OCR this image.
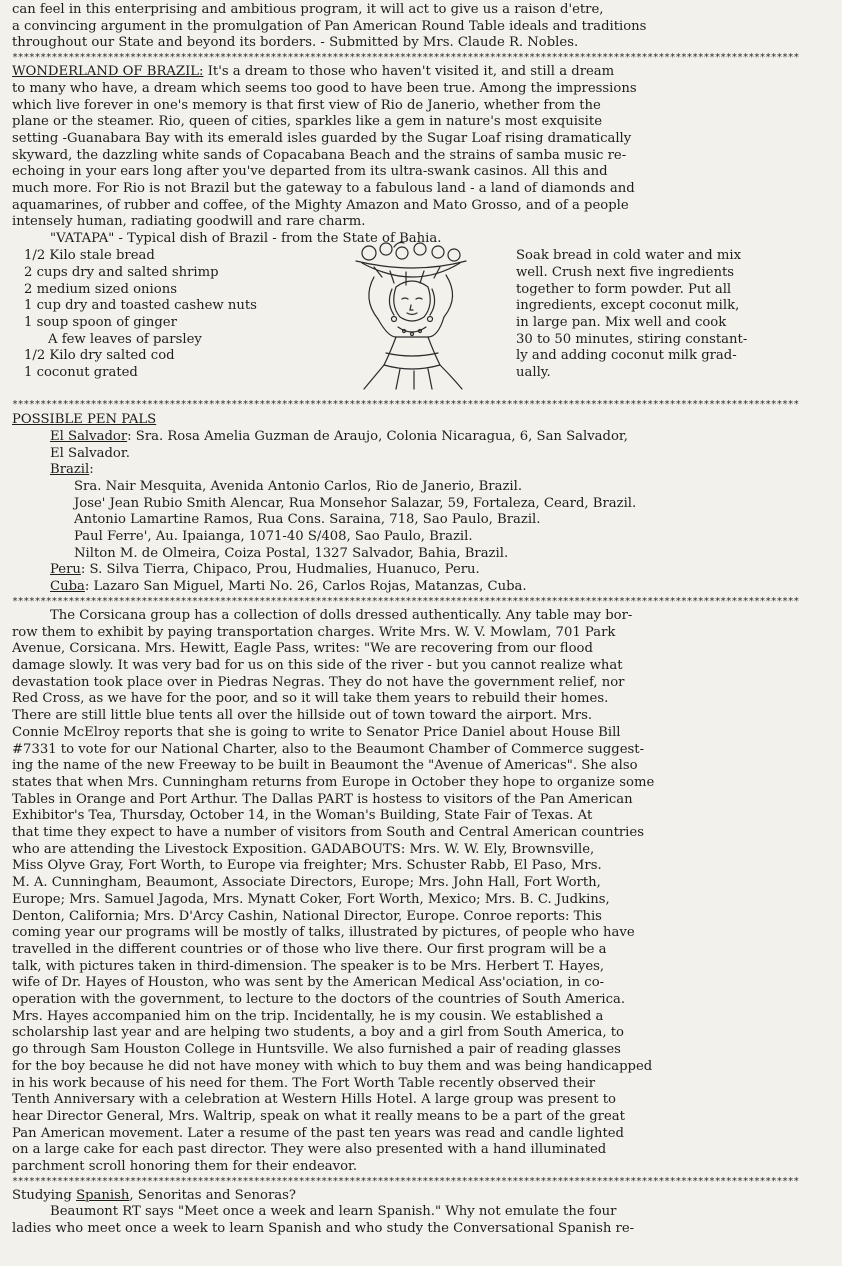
can feel in this enterprising and ambitious program, it will act to give us a raison d'etre,
a convincing argument in the promulgation of Pan American Round Table ideals and traditions
throughout our State and beyond its borders. - Submitted by Mrs. Claude R. Nobles.
********************************************************************************************************************************************
WONDERLAND OF BRAZIL: It's a dream to those who haven't visited it, and still a dream
to many who have, a dream which seems too good to have been true. Among the impressions
which live forever in one's memory is that first view of Rio de Janerio, whether from the
plane or the steamer. Rio, queen of cities, sparkles like a gem in nature's most exquisite
setting -Guanabara Bay with its emerald isles guarded by the Sugar Loaf rising dramatically
skyward, the dazzling white sands of Copacabana Beach and the strains of samba music re-
echoing in your ears long after you've departed from its ultra-swank casinos. All this and
much more. For Rio is not Brazil but the gateway to a fabulous land - a land of diamonds and
aquamarines, of rubber and coffee, of the Mighty Amazon and Mato Grosso, and of a people
intensely human, radiating goodwill and rare charm.
"VATAPA" - Typical dish of Brazil - from the State of Bahia.
1/2 Kilo stale bread
2 cups dry and salted shrimp
2 medium sized onions
1 cup dry and toasted cashew nuts
1 soup spoon of ginger
A few leaves of parsley
1/2 Kilo dry salted cod
1 coconut grated
Soak bread in cold water and mix
well. Crush next five ingredients
together to form powder. Put all
ingredients, except coconut milk,
in large pan. Mix well and cook
30 to 50 minutes, stiring constant-
ly and adding coconut milk grad-
ually.
********************************************************************************************************************************************
POSSIBLE PEN PALS
El Salvador: Sra. Rosa Amelia Guzman de Araujo, Colonia Nicaragua, 6, San Salvador,
El Salvador.
Brazil:
Sra. Nair Mesquita, Avenida Antonio Carlos, Rio de Janerio, Brazil.
Jose' Jean Rubio Smith Alencar, Rua Monsehor Salazar, 59, Fortaleza, Ceard, Brazil.
Antonio Lamartine Ramos, Rua Cons. Saraina, 718, Sao Paulo, Brazil.
Paul Ferre', Au. Ipaianga, 1071-40 S/408, Sao Paulo, Brazil.
Nilton M. de Olmeira, Coiza Postal, 1327 Salvador, Bahia, Brazil.
Peru: S. Silva Tierra, Chipaco, Prou, Hudmalies, Huanuco, Peru.
Cuba: Lazaro San Miguel, Marti No. 26, Carlos Rojas, Matanzas, Cuba.
********************************************************************************************************************************************
The Corsicana group has a collection of dolls dressed authentically. Any table may bor-
row them to exhibit by paying transportation charges. Write Mrs. W. V. Mowlam, 701 Park
Avenue, Corsicana. Mrs. Hewitt, Eagle Pass, writes: "We are recovering from our flood
damage slowly. It was very bad for us on this side of the river - but you cannot realize what
devastation took place over in Piedras Negras. They do not have the government relief, nor
Red Cross, as we have for the poor, and so it will take them years to rebuild their homes.
There are still little blue tents all over the hillside out of town toward the airport. Mrs.
Connie McElroy reports that she is going to write to Senator Price Daniel about House Bill
#7331 to vote for our National Charter, also to the Beaumont Chamber of Commerce suggest-
ing the name of the new Freeway to be built in Beaumont the "Avenue of Americas". She also
states that when Mrs. Cunningham returns from Europe in October they hope to organize some
Tables in Orange and Port Arthur. The Dallas PART is hostess to visitors of the Pan American
Exhibitor's Tea, Thursday, October 14, in the Woman's Building, State Fair of Texas. At
that time they expect to have a number of visitors from South and Central American countries
who are attending the Livestock Exposition. GADABOUTS: Mrs. W. W. Ely, Brownsville,
Miss Olyve Gray, Fort Worth, to Europe via freighter; Mrs. Schuster Rabb, El Paso, Mrs.
M. A. Cunningham, Beaumont, Associate Directors, Europe; Mrs. John Hall, Fort Worth,
Europe; Mrs. Samuel Jagoda, Mrs. Mynatt Coker, Fort Worth, Mexico; Mrs. B. C. Judkins,
Denton, California; Mrs. D'Arcy Cashin, National Director, Europe. Conroe reports: This
coming year our programs will be mostly of talks, illustrated by pictures, of people who have
travelled in the different countries or of those who live there. Our first program will be a
talk, with pictures taken in third-dimension. The speaker is to be Mrs. Herbert T. Hayes,
wife of Dr. Hayes of Houston, who was sent by the American Medical Ass'ociation, in co-
operation with the government, to lecture to the doctors of the countries of South America.
Mrs. Hayes accompanied him on the trip. Incidentally, he is my cousin. We established a
scholarship last year and are helping two students, a boy and a girl from South America, to
go through Sam Houston College in Huntsville. We also furnished a pair of reading glasses
for the boy because he did not have money with which to buy them and was being handicapped
in his work because of his need for them. The Fort Worth Table recently observed their
Tenth Anniversary with a celebration at Western Hills Hotel. A large group was present to
hear Director General, Mrs. Waltrip, speak on what it really means to be a part of the great
Pan American movement. Later a resume of the past ten years was read and candle lighted
on a large cake for each past director. They were also presented with a hand illuminated
parchment scroll honoring them for their endeavor.
********************************************************************************************************************************************
Studying Spanish, Senoritas and Senoras?
Beaumont RT says "Meet once a week and learn Spanish." Why not emulate the four
ladies who meet once a week to learn Spanish and who study the Conversational Spanish re-
